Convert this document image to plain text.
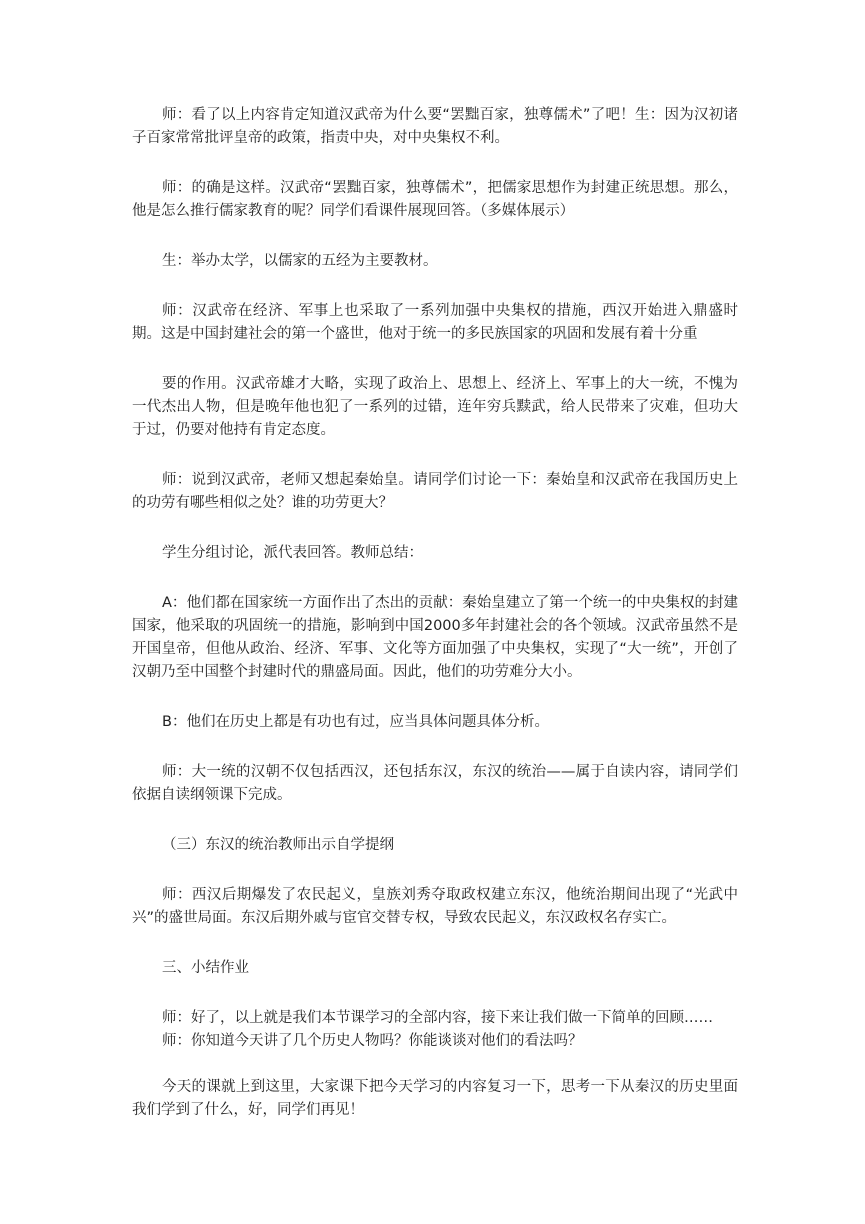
师：看了以上内容肯定知道汉武帝为什么要“罢黜百家，独尊儒术”了吧！生：因为汉初诸子百家常常批评皇帝的政策，指责中央，对中央集权不利。

师：的确是这样。汉武帝“罢黜百家，独尊儒术”，把儒家思想作为封建正统思想。那么，他是怎么推行儒家教育的呢？同学们看课件展现回答。（多媒体展示）

生：举办太学，以儒家的五经为主要教材。

师：汉武帝在经济、军事上也采取了一系列加强中央集权的措施，西汉开始进入鼎盛时期。这是中国封建社会的第一个盛世，他对于统一的多民族国家的巩固和发展有着十分重

要的作用。汉武帝雄才大略，实现了政治上、思想上、经济上、军事上的大一统，不愧为一代杰出人物，但是晚年他也犯了一系列的过错，连年穷兵黩武，给人民带来了灾难，但功大于过，仍要对他持有肯定态度。

师：说到汉武帝，老师又想起秦始皇。请同学们讨论一下：秦始皇和汉武帝在我国历史上的功劳有哪些相似之处？谁的功劳更大？

学生分组讨论，派代表回答。教师总结：

A：他们都在国家统一方面作出了杰出的贡献：秦始皇建立了第一个统一的中央集权的封建国家，他采取的巩固统一的措施，影响到中国2000多年封建社会的各个领域。汉武帝虽然不是开国皇帝，但他从政治、经济、军事、文化等方面加强了中央集权，实现了“大一统”，开创了汉朝乃至中国整个封建时代的鼎盛局面。因此，他们的功劳难分大小。

B：他们在历史上都是有功也有过，应当具体问题具体分析。

师：大一统的汉朝不仅包括西汉，还包括东汉，东汉的统治——属于自读内容，请同学们依据自读纲领课下完成。

（三）东汉的统治教师出示自学提纲

师：西汉后期爆发了农民起义，皇族刘秀夺取政权建立东汉，他统治期间出现了“光武中兴”的盛世局面。东汉后期外戚与宦官交替专权，导致农民起义，东汉政权名存实亡。

三、小结作业

师：好了，以上就是我们本节课学习的全部内容，接下来让我们做一下简单的回顾……
师：你知道今天讲了几个历史人物吗？你能谈谈对他们的看法吗？

今天的课就上到这里，大家课下把今天学习的内容复习一下，思考一下从秦汉的历史里面我们学到了什么，好，同学们再见！
